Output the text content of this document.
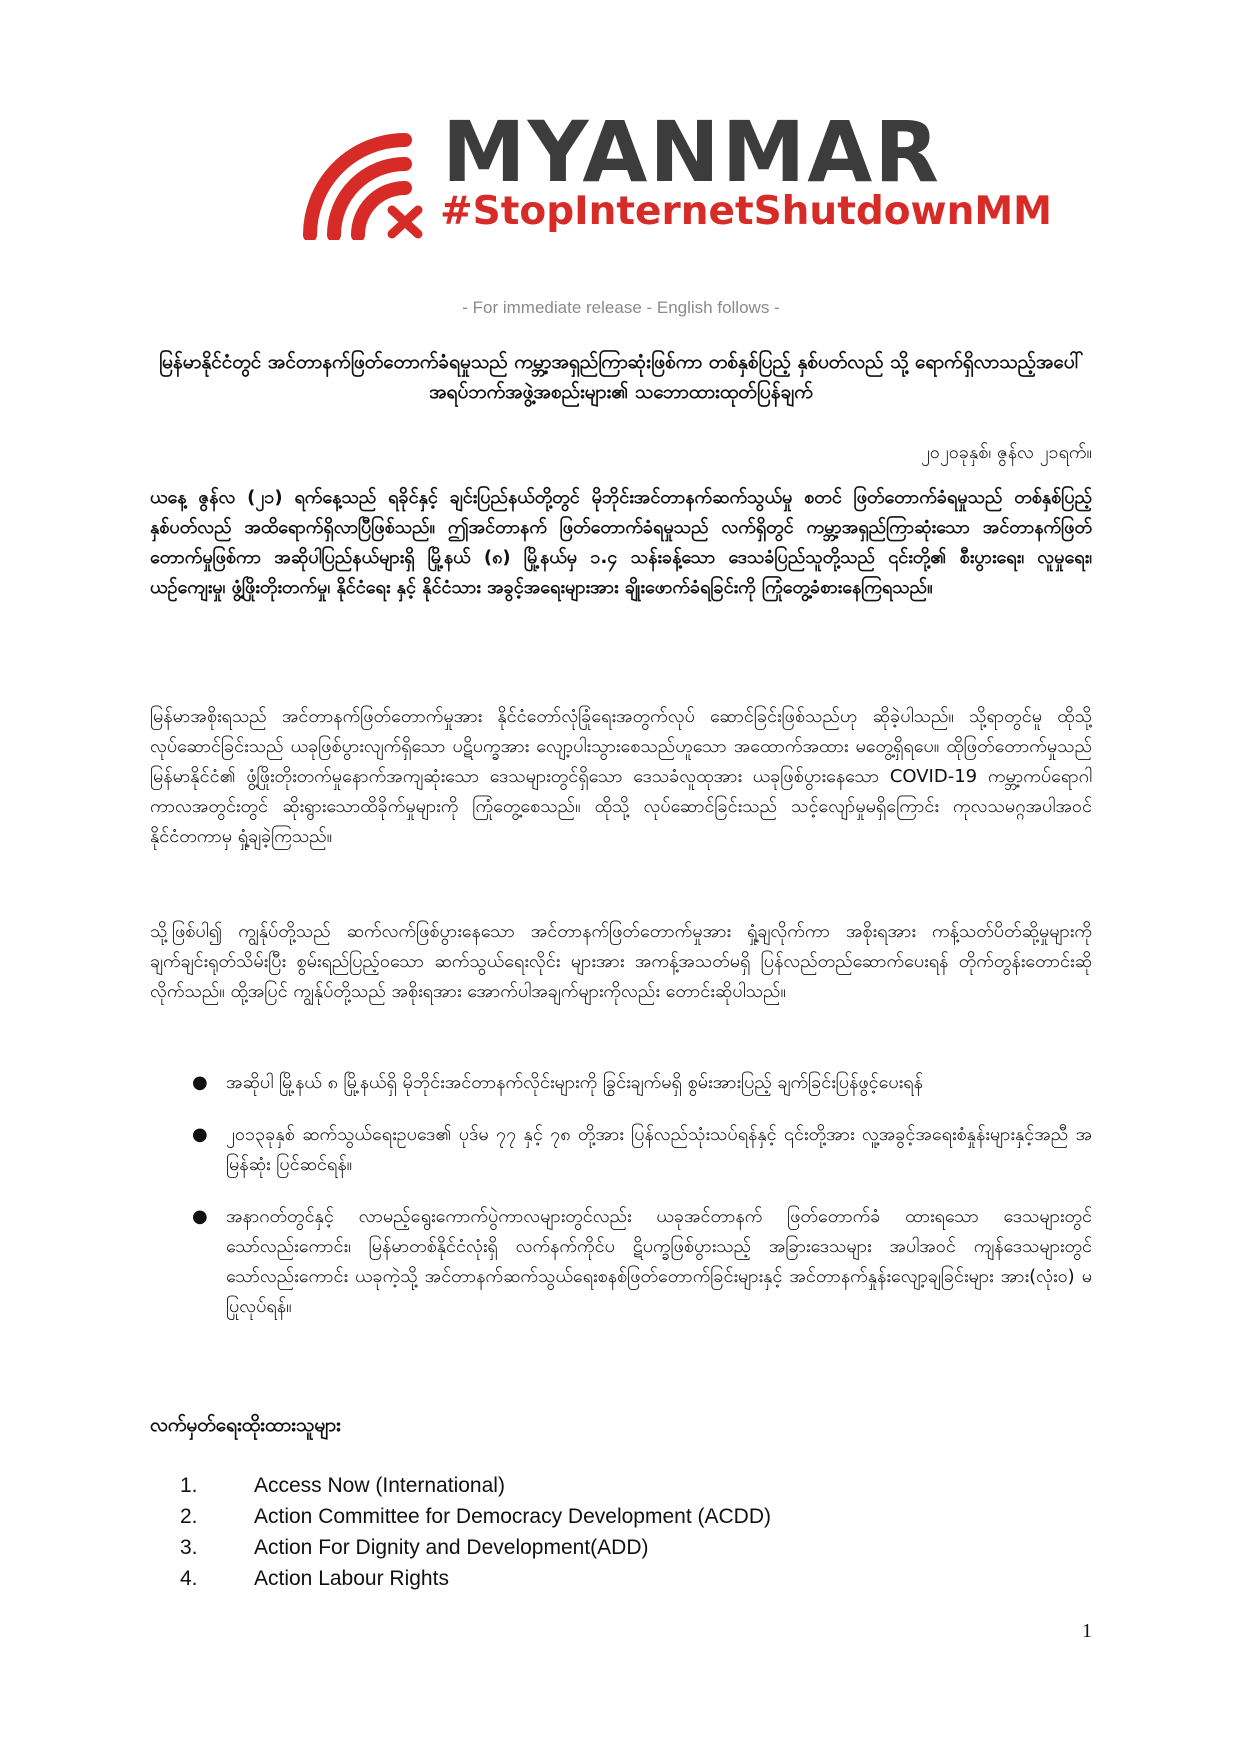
MYANMAR
#StopInternetShutdownMM
- For immediate release - English follows -
မြန်မာနိုင်ငံတွင် အင်တာနက်ဖြတ်တောက်ခံရမှုသည် ကမ္ဘာ့အရှည်ကြာဆုံးဖြစ်ကာ တစ်နှစ်ပြည့် နှစ်ပတ်လည် သို့ ရောက်ရှိလာသည့်အပေါ် အရပ်ဘက်အဖွဲ့အစည်းများ၏ သဘောထားထုတ်ပြန်ချက်
၂၀၂၀ခုနှစ်၊ ဇွန်လ ၂၁ရက်။
ယနေ့ ဇွန်လ (၂၁) ရက်နေ့သည် ရခိုင်နှင့် ချင်းပြည်နယ်တို့တွင် မိုဘိုင်းအင်တာနက်ဆက်သွယ်မှု စတင် ဖြတ်တောက်ခံရမှုသည် တစ်နှစ်ပြည့် နှစ်ပတ်လည် အထိရောက်ရှိလာပြီဖြစ်သည်။ ဤအင်တာနက် ဖြတ်တောက်ခံရမှုသည် လက်ရှိတွင် ကမ္ဘာ့အရှည်ကြာဆုံးသော အင်တာနက်ဖြတ်တောက်မှုဖြစ်ကာ အဆိုပါပြည်နယ်များရှိ မြို့နယ် (၈) မြို့နယ်မှ ၁.၄ သန်းခန့်သော ဒေသခံပြည်သူတို့သည် ၎င်းတို့၏ စီးပွားရေး၊ လူမှုရေး၊ ယဉ်ကျေးမှု၊ ဖွံ့ဖြိုးတိုးတက်မှု၊ နိုင်ငံရေး နှင့် နိုင်ငံသား အခွင့်အရေးများအား ချိုးဖောက်ခံရခြင်းကို ကြုံတွေ့ခံစားနေကြရသည်။
မြန်မာအစိုးရသည် အင်တာနက်ဖြတ်တောက်မှုအား နိုင်ငံတော်လုံခြုံရေးအတွက်လုပ် ဆောင်ခြင်းဖြစ်သည်ဟု ဆိုခဲ့ပါသည်။ သို့ရာတွင်မူ ထိုသို့လုပ်ဆောင်ခြင်းသည် ယခုဖြစ်ပွားလျက်ရှိသော ပဋိပက္ခအား လျော့ပါးသွားစေသည်ဟူသော အထောက်အထား မတွေ့ရှိရပေ။ ထိုဖြတ်တောက်မှုသည် မြန်မာနိုင်ငံ၏ ဖွံ့ဖြိုးတိုးတက်မှုနောက်အကျဆုံးသော ဒေသများတွင်ရှိသော ဒေသခံလူထုအား ယခုဖြစ်ပွားနေသော COVID-19 ကမ္ဘာ့ကပ်ရောဂါကာလအတွင်းတွင် ဆိုးရွားသောထိခိုက်မှုများကို ကြုံတွေ့စေသည်။ ထိုသို့ လုပ်ဆောင်ခြင်းသည် သင့်လျော်မှုမရှိကြောင်း ကုလသမဂ္ဂအပါအဝင် နိုင်ငံတကာမှ ရှုံ့ချခဲ့ကြသည်။
သို့ဖြစ်ပါ၍ ကျွန်ုပ်တို့သည် ဆက်လက်ဖြစ်ပွားနေသော အင်တာနက်ဖြတ်တောက်မှုအား ရှုံ့ချလိုက်ကာ အစိုးရအား ကန့်သတ်ပိတ်ဆို့မှုများကို ချက်ချင်းရုတ်သိမ်းပြီး စွမ်းရည်ပြည့်ဝသော ဆက်သွယ်ရေးလိုင်း များအား အကန့်အသတ်မရှိ ပြန်လည်တည်ဆောက်ပေးရန် တိုက်တွန်းတောင်းဆိုလိုက်သည်။ ထို့အပြင် ကျွန်ုပ်တို့သည် အစိုးရအား အောက်ပါအချက်များကိုလည်း တောင်းဆိုပါသည်။
● အဆိုပါ မြို့နယ် ၈ မြို့နယ်ရှိ မိုဘိုင်းအင်တာနက်လိုင်းများကို ခြွင်းချက်မရှိ စွမ်းအားပြည့် ချက်ခြင်းပြန်ဖွင့်ပေးရန်
● ၂၀၁၃ခုနှစ် ဆက်သွယ်ရေးဥပဒေ၏ ပုဒ်မ ၇၇ နှင့် ၇၈ တို့အား ပြန်လည်သုံးသပ်ရန်နှင့် ၎င်းတို့အား လူ့အခွင့်အရေးစံနှုန်းများနှင့်အညီ အမြန်ဆုံး ပြင်ဆင်ရန်။
● အနာဂတ်တွင်နှင့် လာမည့်ရွေးကောက်ပွဲကာလများတွင်လည်း ယခုအင်တာနက် ဖြတ်တောက်ခံ ထားရသော ဒေသများတွင် သော်လည်းကောင်း၊ မြန်မာတစ်နိုင်ငံလုံးရှိ လက်နက်ကိုင်ပ ဋိပက္ခဖြစ်ပွားသည့် အခြားဒေသများ အပါအဝင် ကျန်ဒေသများတွင်သော်လည်းကောင်း ယခုကဲ့သို့ အင်တာနက်ဆက်သွယ်ရေးစနစ်ဖြတ်တောက်ခြင်းများနှင့် အင်တာနက်နှုန်းလျော့ချခြင်းများ အား(လုံးဝ) မပြုလုပ်ရန်။
လက်မှတ်ရေးထိုးထားသူများ
1.	Access Now (International)
2.	Action Committee for Democracy Development (ACDD)
3.	Action For Dignity and Development(ADD)
4.	Action Labour Rights
1
